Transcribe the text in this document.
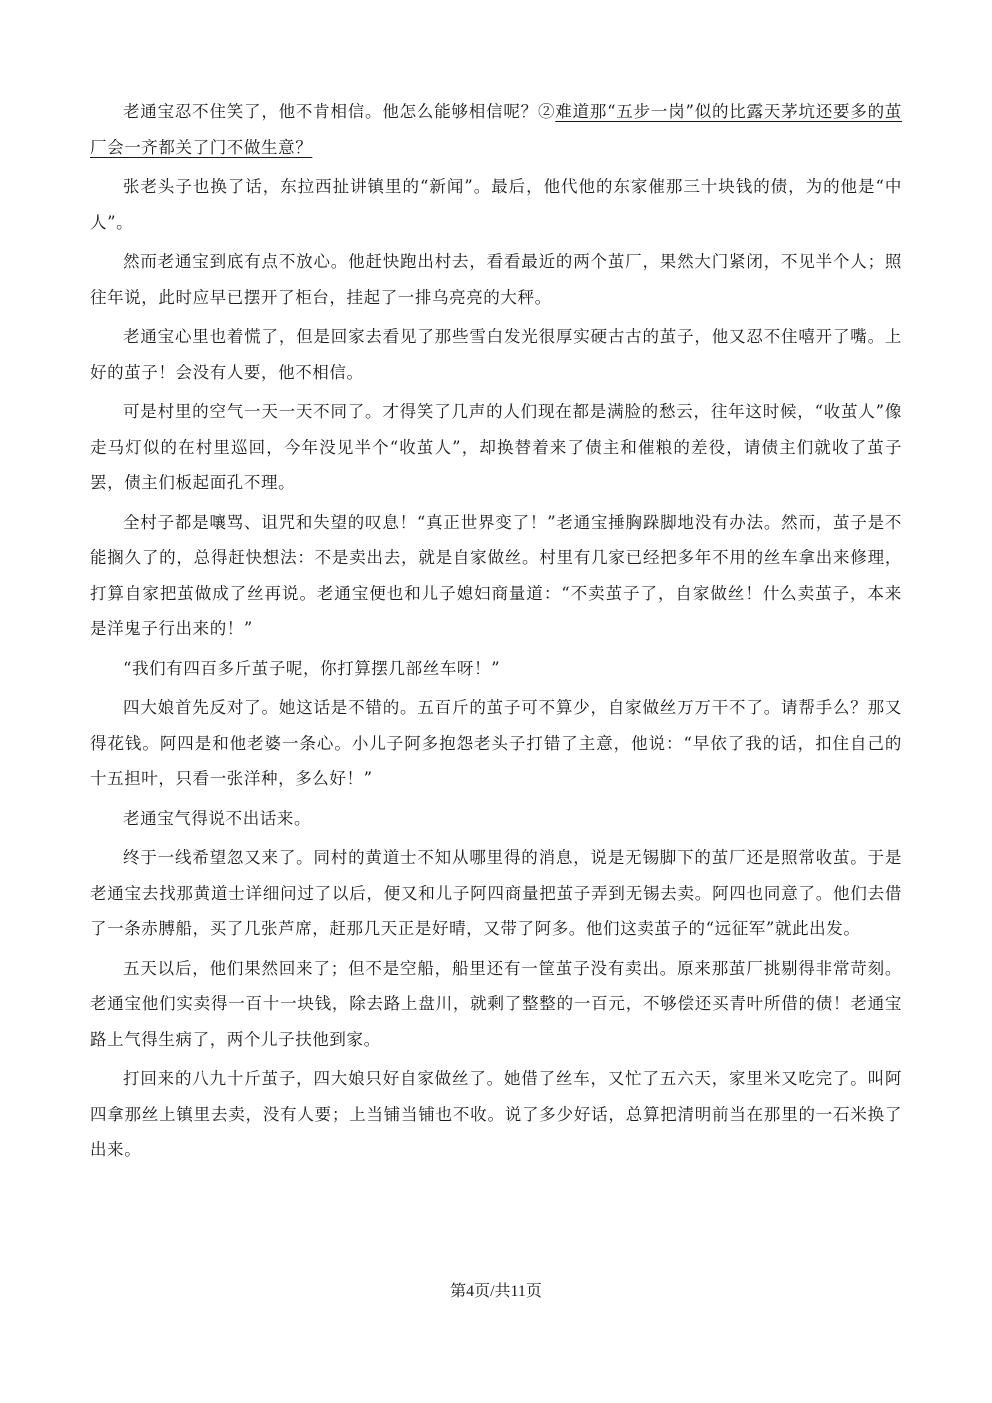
老通宝忍不住笑了，他不肯相信。他怎么能够相信呢？②难道那“五步一岗”似的比露天茅坑还要多的茧厂会一齐都关了门不做生意？

张老头子也换了话，东拉西扯讲镇里的“新闻”。最后，他代他的东家催那三十块钱的债，为的他是“中人”。

然而老通宝到底有点不放心。他赶快跑出村去，看看最近的两个茧厂，果然大门紧闭，不见半个人；照往年说，此时应早已摆开了柜台，挂起了一排乌亮亮的大秤。

老通宝心里也着慌了，但是回家去看见了那些雪白发光很厚实硬古古的茧子，他又忍不住嘻开了嘴。上好的茧子！会没有人要，他不相信。

可是村里的空气一天一天不同了。才得笑了几声的人们现在都是满脸的愁云，往年这时候，“收茧人”像走马灯似的在村里巡回，今年没见半个“收茧人”，却换替着来了债主和催粮的差役，请债主们就收了茧子罢，债主们板起面孔不理。

全村子都是嚷骂、诅咒和失望的叹息！“真正世界变了！”老通宝捶胸跺脚地没有办法。然而，茧子是不能搁久了的，总得赶快想法：不是卖出去，就是自家做丝。村里有几家已经把多年不用的丝车拿出来修理，打算自家把茧做成了丝再说。老通宝便也和儿子媳妇商量道：“不卖茧子了，自家做丝！什么卖茧子，本来是洋鬼子行出来的！”

“我们有四百多斤茧子呢，你打算摆几部丝车呀！”

四大娘首先反对了。她这话是不错的。五百斤的茧子可不算少，自家做丝万万干不了。请帮手么？那又得花钱。阿四是和他老婆一条心。小儿子阿多抱怨老头子打错了主意，他说：“早依了我的话，扣住自己的十五担叶，只看一张洋种，多么好！”

老通宝气得说不出话来。

终于一线希望忽又来了。同村的黄道士不知从哪里得的消息，说是无锡脚下的茧厂还是照常收茧。于是老通宝去找那黄道士详细问过了以后，便又和儿子阿四商量把茧子弄到无锡去卖。阿四也同意了。他们去借了一条赤膊船，买了几张芦席，赶那几天正是好晴，又带了阿多。他们这卖茧子的“远征军”就此出发。

五天以后，他们果然回来了；但不是空船，船里还有一筐茧子没有卖出。原来那茧厂挑剔得非常苛刻。老通宝他们实卖得一百十一块钱，除去路上盘川，就剩了整整的一百元，不够偿还买青叶所借的债！老通宝路上气得生病了，两个儿子扶他到家。

打回来的八九十斤茧子，四大娘只好自家做丝了。她借了丝车，又忙了五六天，家里米又吃完了。叫阿四拿那丝上镇里去卖，没有人要；上当铺当铺也不收。说了多少好话，总算把清明前当在那里的一石米换了出来。

第4页/共11页
